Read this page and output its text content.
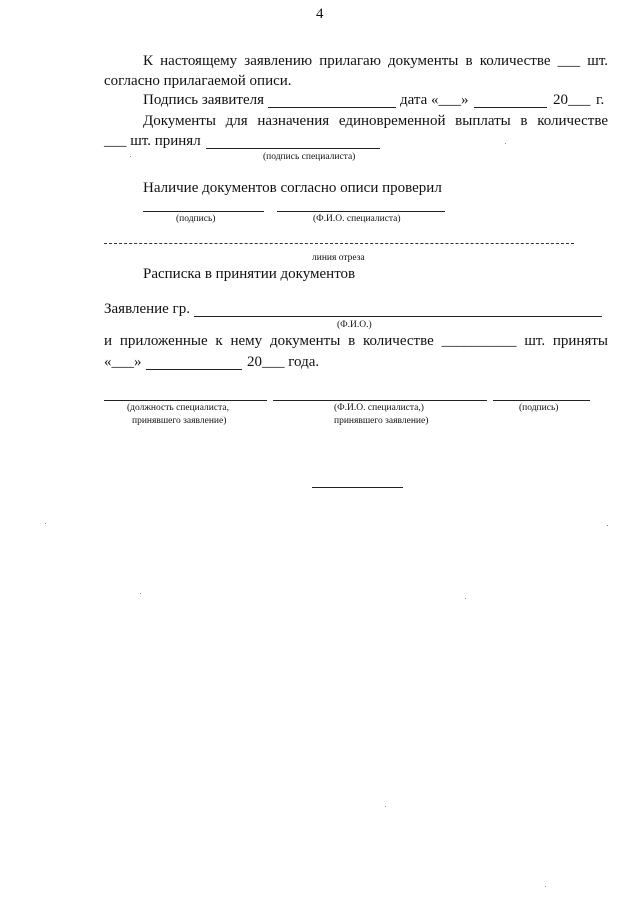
4
К настоящему заявлению прилагаю документы в количестве ___ шт.
согласно прилагаемой описи.
Подпись заявителя	дата «___»	20___ г.
Документы для назначения единовременной выплаты в количестве
___ шт. принял
(подпись специалиста)
Наличие документов согласно описи проверил
(подпись)	(Ф.И.О. специалиста)
линия отреза
Расписка в принятии документов
Заявление гр.
(Ф.И.О.)
и приложенные к нему документы в количестве __________ шт. приняты
«___»	20___ года.
(должность специалиста,
принявшего заявление)
(Ф.И.О. специалиста,)
принявшего заявление)
(подпись)
